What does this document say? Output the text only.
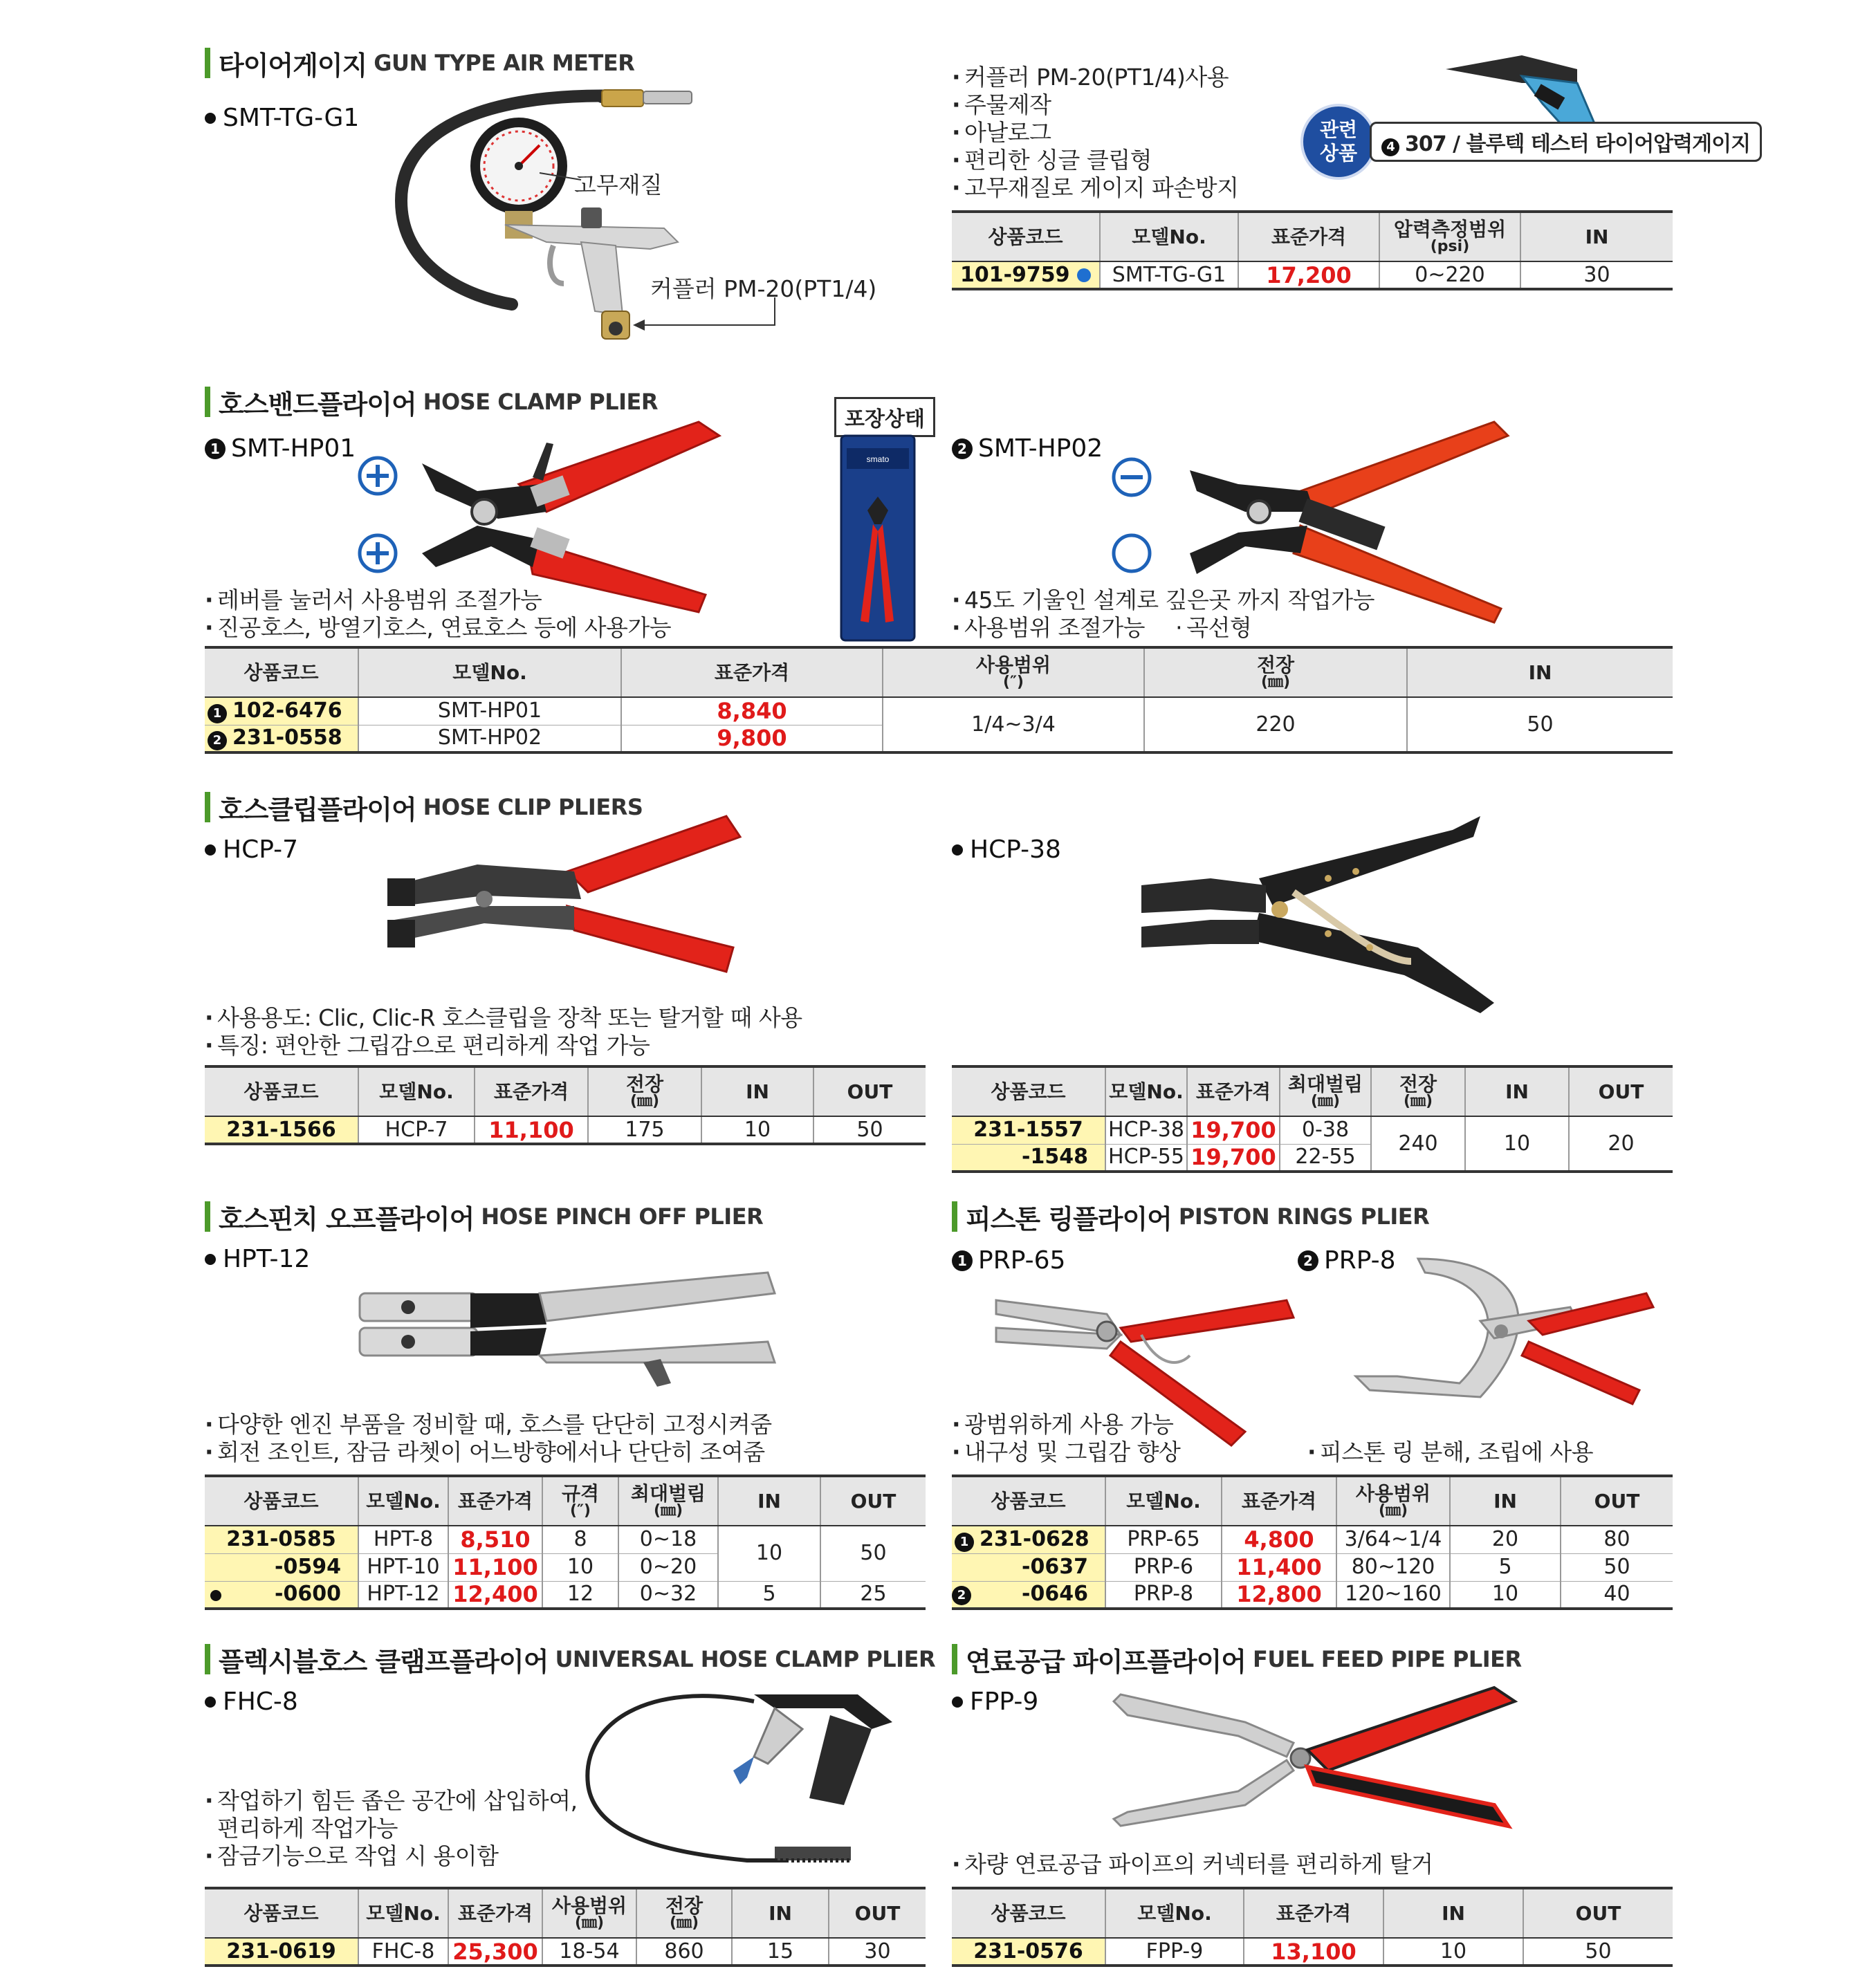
타이어게이지 GUN TYPE AIR METER
SMT-TG-G1
고무재질
커플러 PM-20(PT1/4)
· 커플러 PM-20(PT1/4)사용
· 주물제작
· 아날로그
· 편리한 싱글 클립형
· 고무재질로 게이지 파손방지
관련
상품	4 307 / 블루텍 테스터 타이어압력게이지
상품코드	모델No.	표준가격	압력측정범위
(psi)	IN
101-9759	SMT-TG-G1	17,200	0~220	30
호스밴드플라이어 HOSE CLAMP PLIER
1 SMT-HP01	2 SMT-HP02
포장상태
smato
· 레버를 눌러서 사용범위 조절가능
· 진공호스, 방열기호스, 연료호스 등에 사용가능
· 45도 기울인 설계로 깊은곳 까지 작업가능
· 사용범위 조절가능 · 곡선형
상품코드	모델No.	표준가격	사용범위
(″)	전장
(㎜)	IN
1 102-6476	SMT-HP01	8,840	1/4~3/4	220	50
2 231-0558	SMT-HP02	9,800			
호스클립플라이어 HOSE CLIP PLIERS
HCP-7	HCP-38
· 사용용도: Clic, Clic-R 호스클립을 장착 또는 탈거할 때 사용
· 특징: 편안한 그립감으로 편리하게 작업 가능
상품코드	모델No.	표준가격	전장
(㎜)	IN	OUT
231-1566	HCP-7	11,100	175	10	50
상품코드	모델No.	표준가격	최대벌림
(㎜)	전장
(㎜)	IN	OUT
231-1557	HCP-38	19,700	0-38	240	10	20
-1548	HCP-55	19,700	22-55			
호스핀치 오프플라이어 HOSE PINCH OFF PLIER
HPT-12
· 다양한 엔진 부품을 정비할 때, 호스를 단단히 고정시켜줌
· 회전 조인트, 잠금 라쳇이 어느방향에서나 단단히 조여줌
상품코드	모델No.	표준가격	규격
(″)	최대벌림
(㎜)	IN	OUT
231-0585	HPT-8	8,510	8	0~18	10	50
-0594	HPT-10	11,100	10	0~20		

-0600	HPT-12	12,400	12	0~32	5	25
피스톤 링플라이어 PISTON RINGS PLIER
1 PRP-65	2 PRP-8
· 광범위하게 사용 가능
· 내구성 및 그립감 향상	· 피스톤 링 분해, 조립에 사용
상품코드	모델No.	표준가격	사용범위
(㎜)	IN	OUT
1 231-0628	PRP-65	4,800	3/64~1/4	20	80
-0637	PRP-6	11,400	80~120	5	50

2 -0646	PRP-8	12,800	120~160	10	40
플렉시블호스 클램프플라이어 UNIVERSAL HOSE CLAMP PLIER
FHC-8
· 작업하기 힘든 좁은 공간에 삽입하여,
편리하게 작업가능
· 잠금기능으로 작업 시 용이함
상품코드	모델No.	표준가격	사용범위
(㎜)	전장
(㎜)	IN	OUT
231-0619	FHC-8	25,300	18-54	860	15	30
연료공급 파이프플라이어 FUEL FEED PIPE PLIER
FPP-9
· 차량 연료공급 파이프의 커넥터를 편리하게 탈거
상품코드	모델No.	표준가격	IN	OUT
231-0576	FPP-9	13,100	10	50
